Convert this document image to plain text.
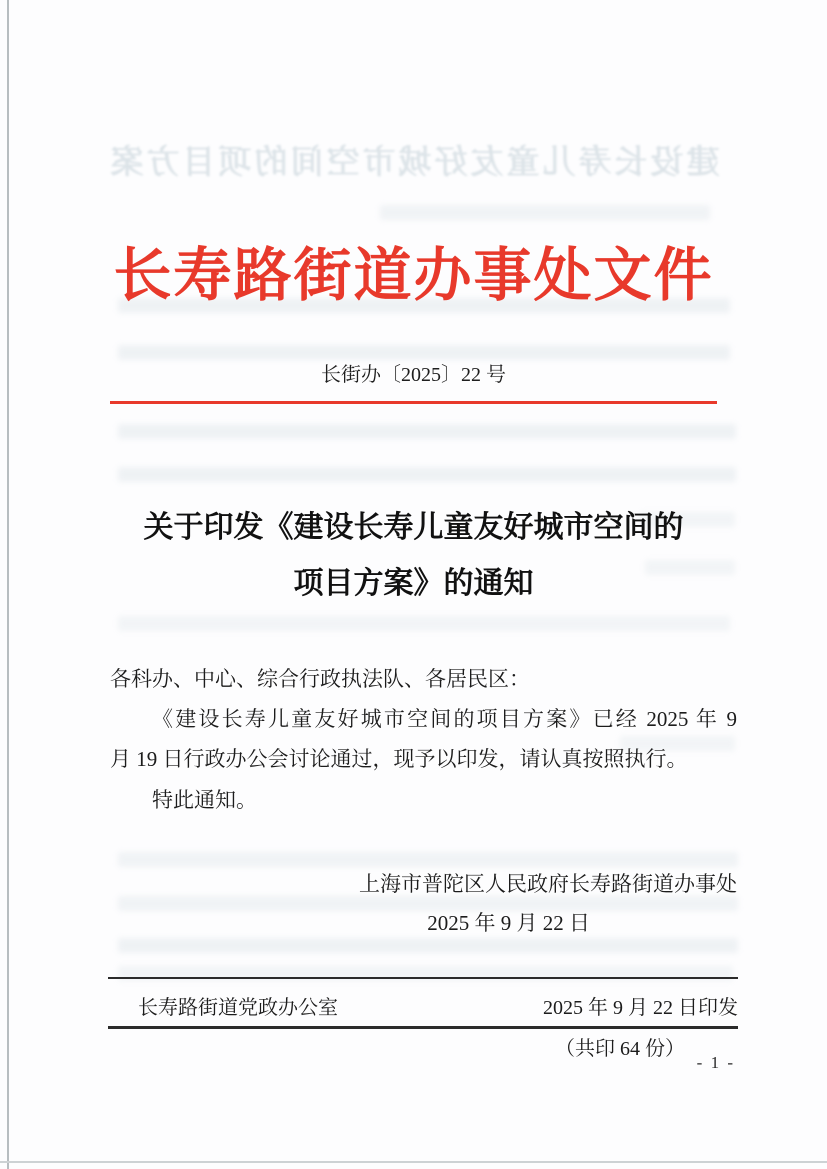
建设长寿儿童友好城市空间的项目方案
长寿路街道办事处文件
长街办〔2025〕22 号
关于印发《建设长寿儿童友好城市空间的
项目方案》的通知
各科办、中心、综合行政执法队、各居民区：
《建设长寿儿童友好城市空间的项目方案》已经 2025 年 9
月 19 日行政办公会讨论通过，现予以印发，请认真按照执行。
特此通知。
上海市普陀区人民政府长寿路街道办事处
2025 年 9 月 22 日
长寿路街道党政办公室	2025 年 9 月 22 日印发
（共印 64 份）
- 1 -
